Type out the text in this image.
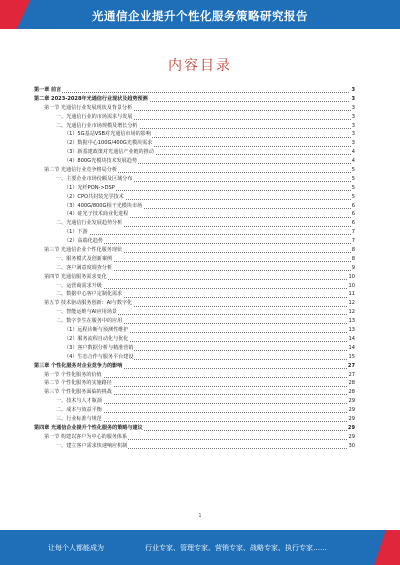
光通信企业提升个性化服务策略研究报告
内容目录
第一章 前言	3
第二章 2023-2028年光通信行业现状及趋势预测	3
第一节 光通信行业发展现状及背景分析	3
一、光通信行业的市场需求与发展	3
二、光通信行业市场规模及增长分析	3
（1）5G基站VSB对光通信市场的影响	3
（2）数据中心100G/400G光模块需求	3
（3）新基建政策对光通信产业链的推动	4
（4）800G光模块技术发展趋势	4
第二节 光通信行业竞争格局分析	5
一、主要企业市场份额及区域分布	5
（1）光纤PON->DSP	5
（2）CPO共封装光学技术	5
（3）400G/800G相干光模块市场	6
（4）硅光子技术商业化进程	6
二、光通信行业发展趋势分析	6
（1）下游	7
（2）高端化趋势	7
第三节 光通信企业个性化服务现状	8
一、服务模式及创新案例	8
二、客户满意度调查分析	9
第四节 光通信服务需求变化	10
一、运营商需求升级	10
二、数据中心客户定制化需求	11
第五节 技术驱动服务创新：AI与数字化	12
一、智能运维与AI应用场景	12
二、数字孪生在服务中的应用	13
（1）远程诊断与预测性维护	13
（2）服务流程自动化与优化	14
（3）客户数据分析与精准营销	14
（4）生态合作与服务平台建设	15
第三章 个性化服务对企业竞争力的影响	27
第一节 个性化服务的价值	27
第二节 个性化服务的实施路径	28
第三节 个性化服务面临的挑战	28
一、技术与人才瓶颈	29
二、成本与效益平衡	29
三、行业标准与规范	29
第四章 光通信企业提升个性化服务的策略与建议	29
第一节 构建以客户为中心的服务体系	29
一、建立客户需求快速响应机制	30
1
让每个人都能成为	行业专家、管理专家、营销专家、战略专家、执行专家……
